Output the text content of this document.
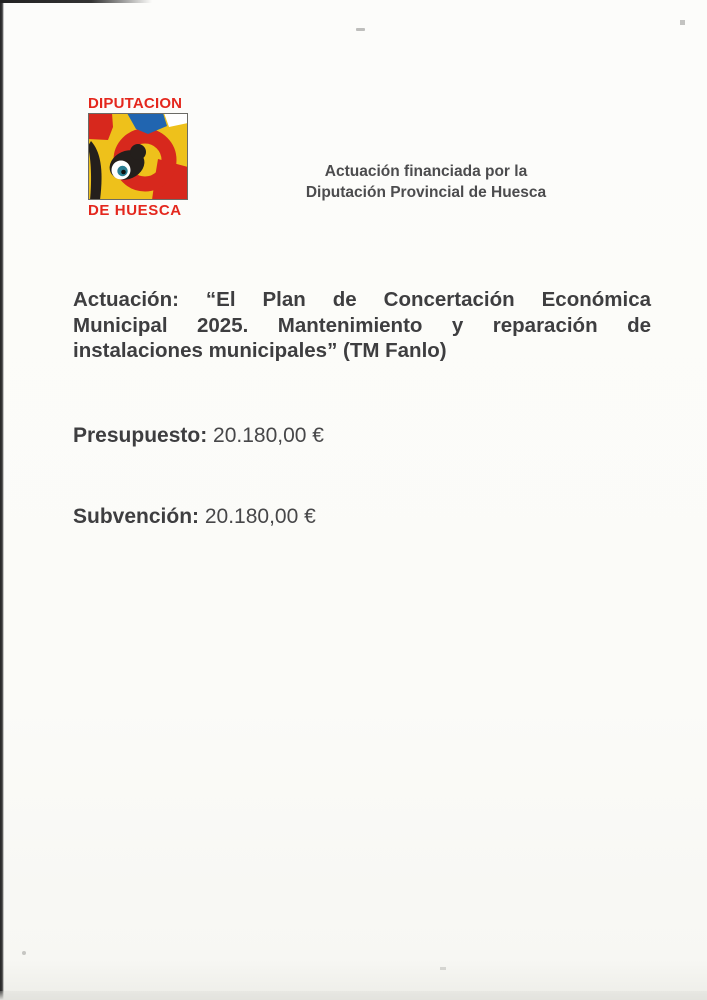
DIPUTACION
DE HUESCA
Actuación financiada por la
Diputación Provincial de Huesca
Actuación: “El Plan de Concertación Económica
Municipal 2025. Mantenimiento y reparación de
instalaciones municipales” (TM Fanlo)
Presupuesto: 20.180,00 €
Subvención: 20.180,00 €
